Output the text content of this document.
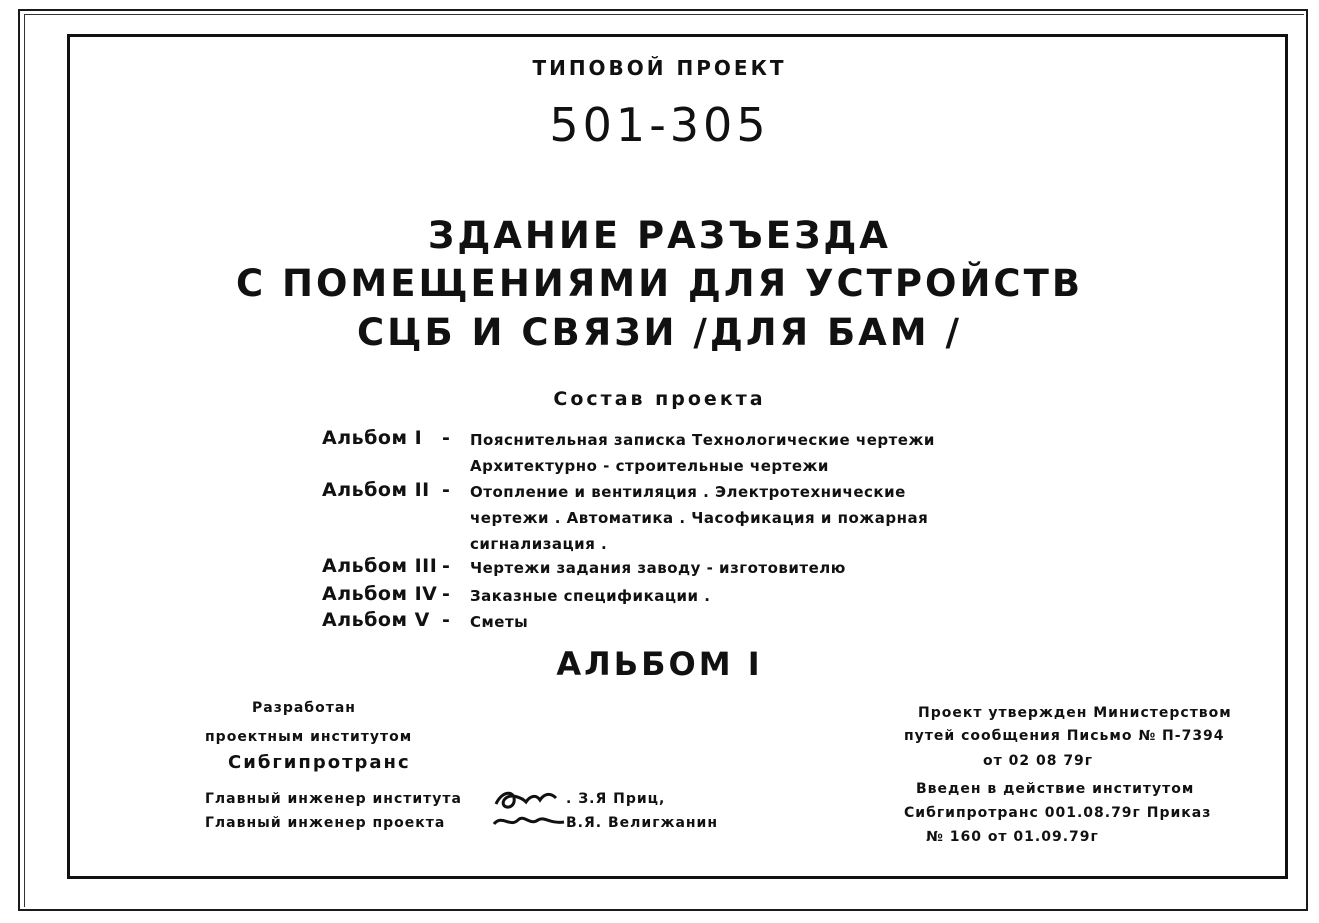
ТИПОВОЙ ПРОЕКТ
501-305
ЗДАНИЕ РАЗЪЕЗДА
С ПОМЕЩЕНИЯМИ ДЛЯ УСТРОЙСТВ
СЦБ И СВЯЗИ /ДЛЯ БАМ /
Состав проекта
Альбом I - Пояснительная записка Технологические чертежи
Архитектурно - строительные чертежи
Альбом II - Отопление и вентиляция . Электротехнические
чертежи . Автоматика . Часофикация и пожарная
сигнализация .
Альбом III - Чертежи задания заводу - изготовителю
Альбом IV - Заказные спецификации .
Альбом V - Сметы
АЛЬБОМ I
Разработан
проектным институтом
Сибгипротранс
Главный инженер института
Главный инженер проекта
. З.Я Приц,
В.Я. Велигжанин
Проект утвержден Министерством
путей сообщения Письмо № П-7394
от 02 08 79г
Введен в действие институтом
Сибгипротранс 001.08.79г Приказ
№ 160 от 01.09.79г
